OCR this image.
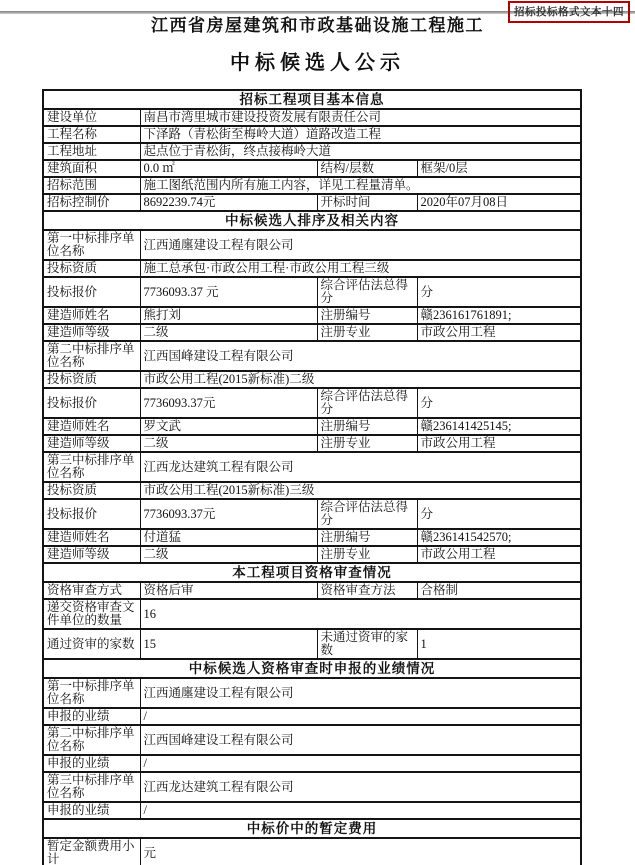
招标投标格式文本十四
江西省房屋建筑和市政基础设施工程施工
中标候选人公示
招标工程项目基本信息			
建设单位	南昌市湾里城市建设投资发展有限责任公司		
工程名称	下泽路（青松街至梅岭大道）道路改造工程		
工程地址	起点位于青松街，终点接梅岭大道		
建筑面积	0.0 ㎡	结构/层数	框架/0层
招标范围	施工图纸范围内所有施工内容，详见工程量清单。		
招标控制价	8692239.74元	开标时间	2020年07月08日
中标候选人排序及相关内容			
第一中标排序单位名称	江西通廛建设工程有限公司		
投标资质	施工总承包·市政公用工程·市政公用工程三级		
投标报价	7736093.37 元	综合评估法总得分	分
建造师姓名	熊打刘	注册编号	赣236161761891;
建造师等级	二级	注册专业	市政公用工程
第二中标排序单位名称	江西国峰建设工程有限公司		
投标资质	市政公用工程(2015新标准)二级		
投标报价	7736093.37元	综合评估法总得分	分
建造师姓名	罗文武	注册编号	赣236141425145;
建造师等级	二级	注册专业	市政公用工程
第三中标排序单位名称	江西龙达建筑工程有限公司		
投标资质	市政公用工程(2015新标准)三级		
投标报价	7736093.37元	综合评估法总得分	分
建造师姓名	付道猛	注册编号	赣236141542570;
建造师等级	二级	注册专业	市政公用工程
本工程项目资格审查情况			
资格审查方式	资格后审	资格审查方法	合格制
递交资格审查文件单位的数量	16		
通过资审的家数	15	未通过资审的家数	1
中标候选人资格审查时申报的业绩情况			
第一中标排序单位名称	江西通廛建设工程有限公司		
申报的业绩	/		
第二中标排序单位名称	江西国峰建设工程有限公司		
申报的业绩	/		
第三中标排序单位名称	江西龙达建筑工程有限公司		
申报的业绩	/		
中标价中的暂定费用			
暂定金额费用小计	元		
